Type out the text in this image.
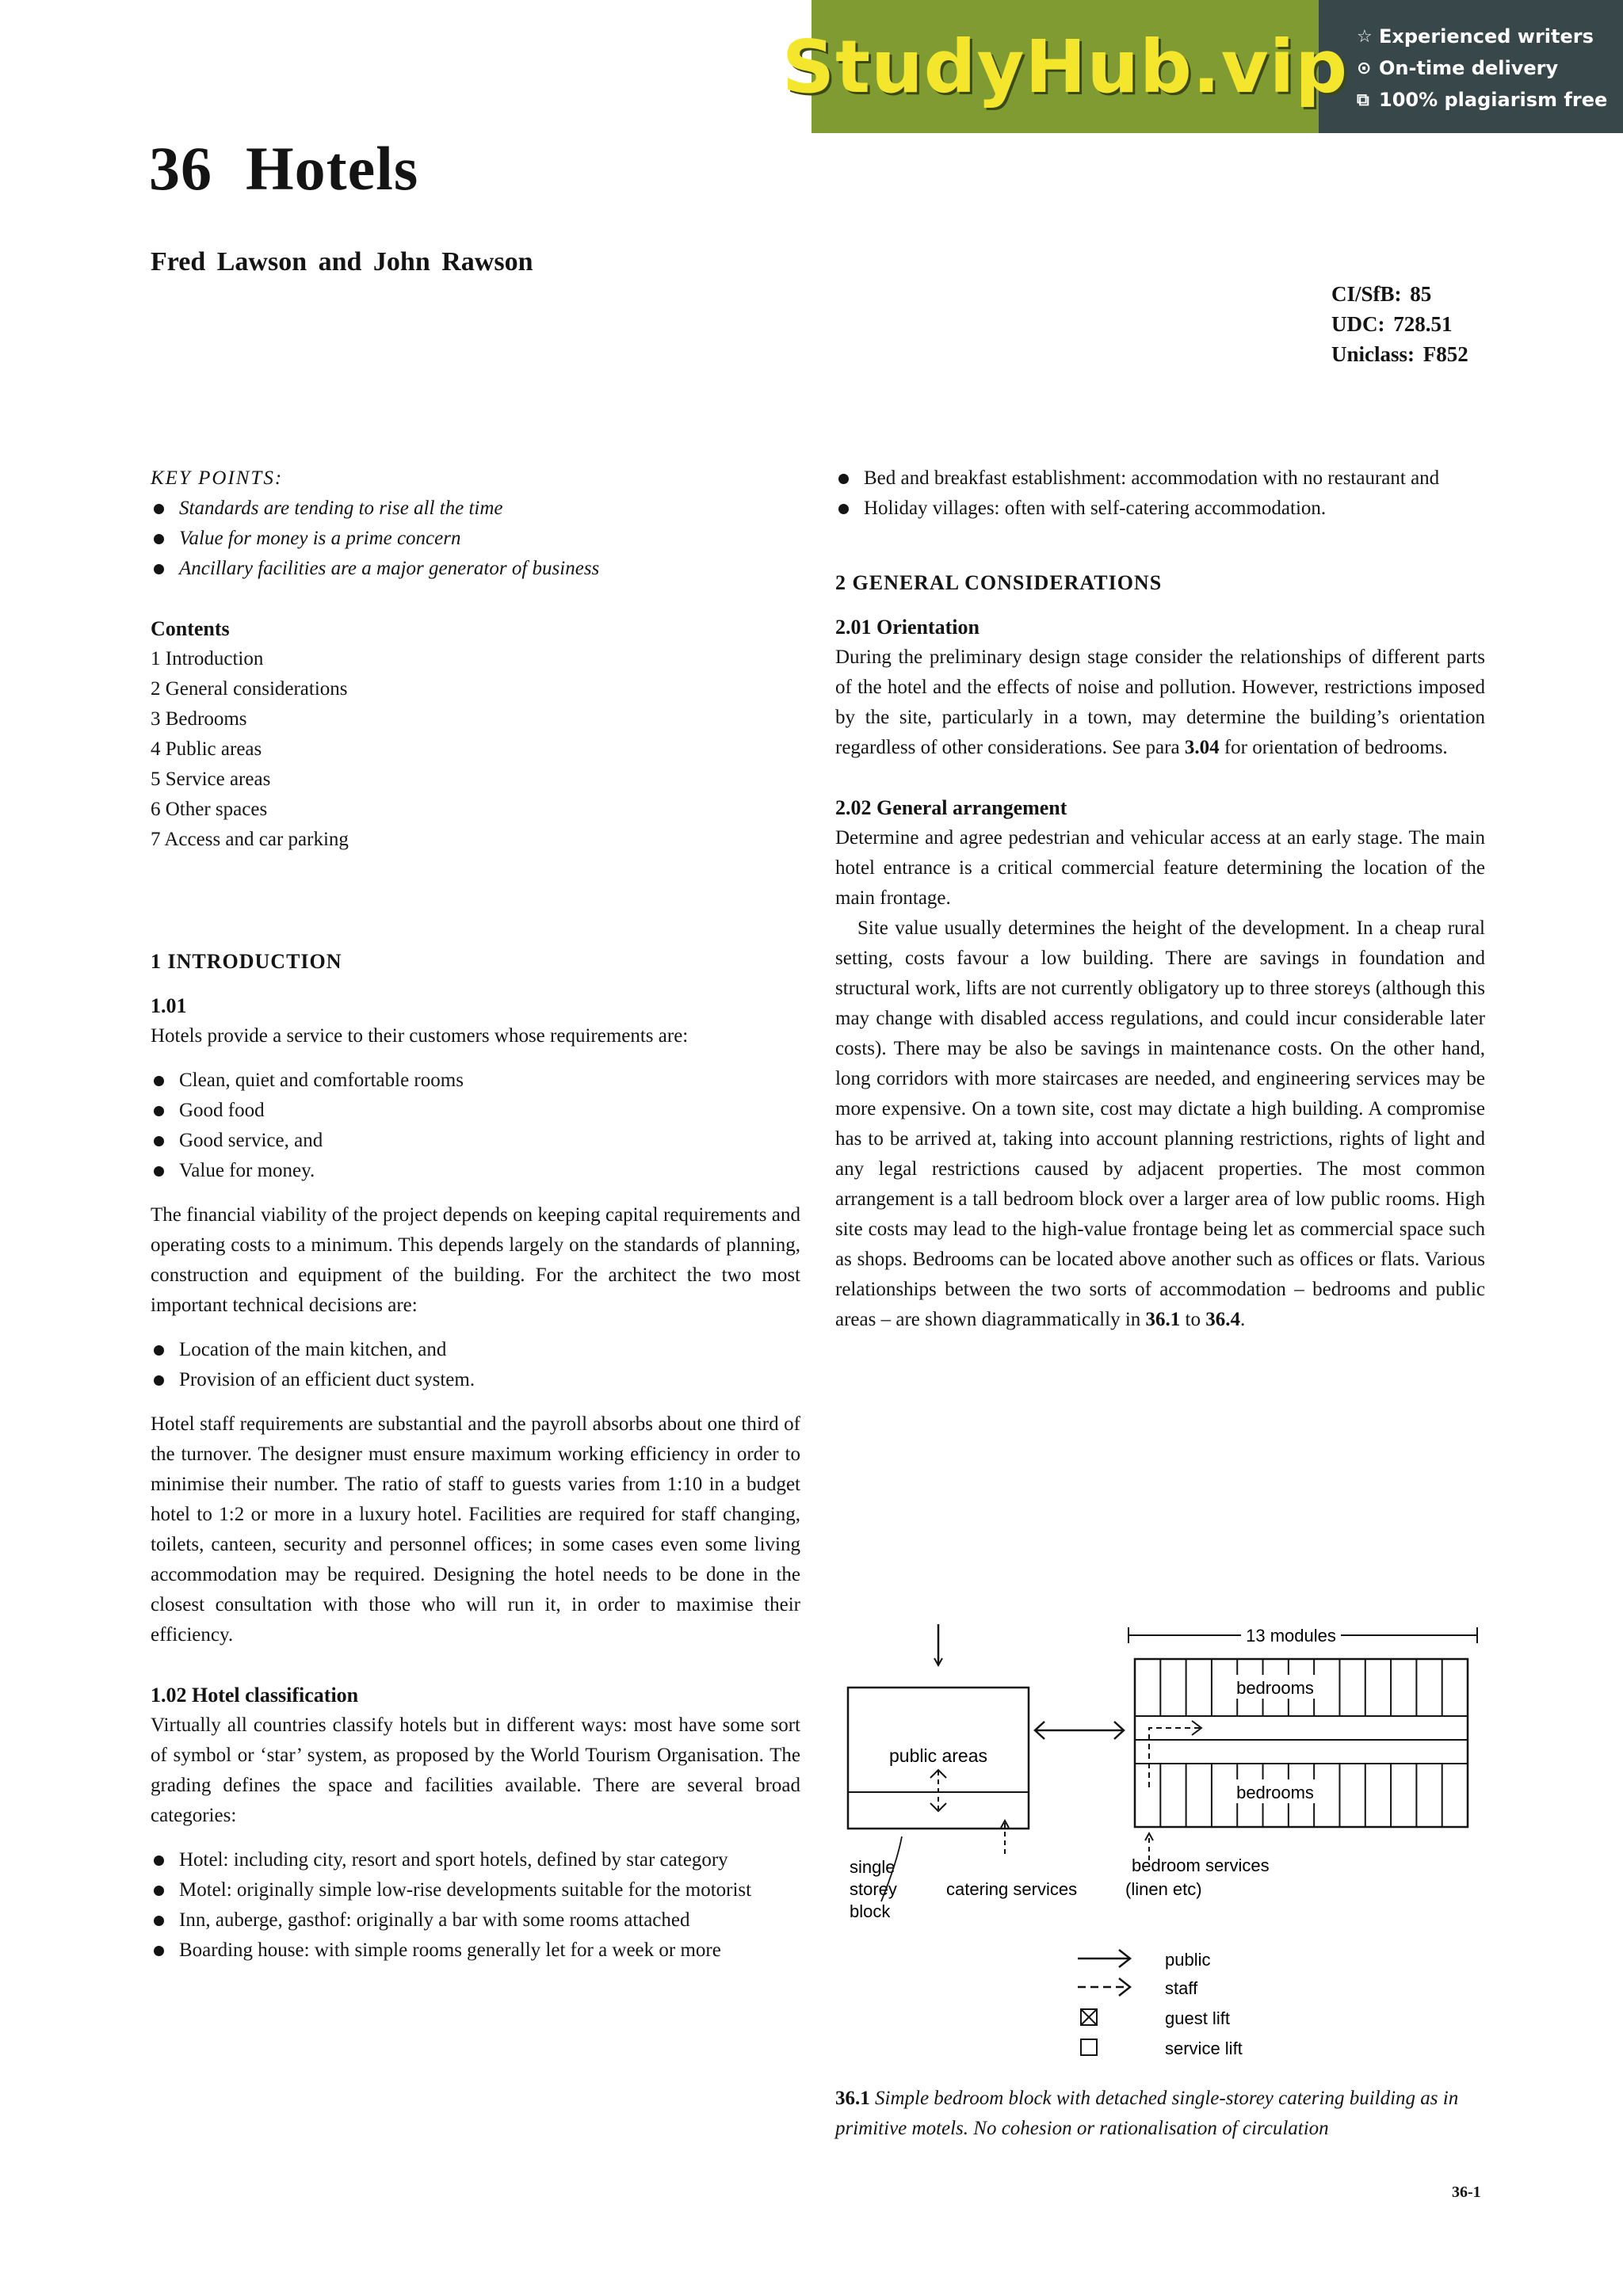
StudyHub.vip ☆ Experienced writers
⊙ On-time delivery
⧉ 100% plagiarism free
36 Hotels
Fred Lawson and John Rawson
CI/SfB: 85
UDC: 728.51
Uniclass: F852
KEY POINTS:
Standards are tending to rise all the time
Value for money is a prime concern
Ancillary facilities are a major generator of business
Contents
1 Introduction
2 General considerations
3 Bedrooms
4 Public areas
5 Service areas
6 Other spaces
7 Access and car parking
1 INTRODUCTION
1.01

Hotels provide a service to their customers whose requirements are:

Clean, quiet and comfortable rooms
Good food
Good service, and
Value for money.

The financial viability of the project depends on keeping capital requirements and operating costs to a minimum. This depends largely on the standards of planning, construction and equipment of the building. For the architect the two most important technical decisions are:

Location of the main kitchen, and
Provision of an efficient duct system.

Hotel staff requirements are substantial and the payroll absorbs about one third of the turnover. The designer must ensure maximum working efficiency in order to minimise their number. The ratio of staff to guests varies from 1:10 in a budget hotel to 1:2 or more in a luxury hotel. Facilities are required for staff changing, toilets, canteen, security and personnel offices; in some cases even some living accommodation may be required. Designing the hotel needs to be done in the closest consultation with those who will run it, in order to maximise their efficiency.

1.02 Hotel classification

Virtually all countries classify hotels but in different ways: most have some sort of symbol or ‘star’ system, as proposed by the World Tourism Organisation. The grading defines the space and facilities available. There are several broad categories:

Hotel: including city, resort and sport hotels, defined by star category
Motel: originally simple low-rise developments suitable for the motorist
Inn, auberge, gasthof: originally a bar with some rooms attached
Boarding house: with simple rooms generally let for a week or more
Bed and breakfast establishment: accommodation with no restaurant and
Holiday villages: often with self-catering accommodation.
2 GENERAL CONSIDERATIONS
2.01 Orientation

During the preliminary design stage consider the relationships of different parts of the hotel and the effects of noise and pollution. However, restrictions imposed by the site, particularly in a town, may determine the building’s orientation regardless of other considerations. See para 3.04 for orientation of bedrooms.

2.02 General arrangement

Determine and agree pedestrian and vehicular access at an early stage. The main hotel entrance is a critical commercial feature determining the location of the main frontage.

Site value usually determines the height of the development. In a cheap rural setting, costs favour a low building. There are savings in foundation and structural work, lifts are not currently obligatory up to three storeys (although this may change with disabled access regulations, and could incur considerable later costs). There may be also be savings in maintenance costs. On the other hand, long corridors with more staircases are needed, and engineering services may be more expensive. On a town site, cost may dictate a high building. A compromise has to be arrived at, taking into account planning restrictions, rights of light and any legal restrictions caused by adjacent properties. The most common arrangement is a tall bedroom block over a larger area of low public rooms. High site costs may lead to the high-value frontage being let as commercial space such as shops. Bedrooms can be located above another such as offices or flats. Various relationships between the two sorts of accommodation – bedrooms and public areas – are shown diagrammatically in 36.1 to 36.4.

public areas
13 modules
bedrooms
bedrooms
single
storey
block
catering services
bedroom services
(linen etc)
public
staff
guest lift
service lift
36.1 Simple bedroom block with detached single-storey catering building as in primitive motels. No cohesion or rationalisation of circulation
36-1
